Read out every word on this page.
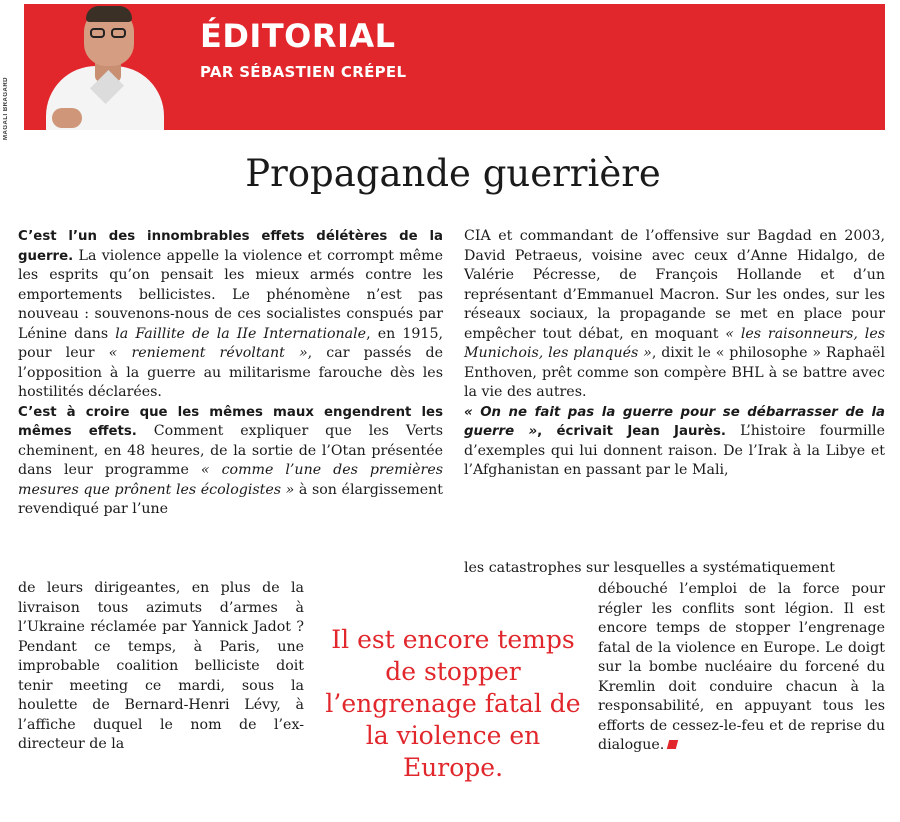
MAGALI BRAGARD
ÉDITORIAL
PAR SÉBASTIEN CRÉPEL
Propagande guerrière

C’est l’un des innombrables effets délétères de la guerre. La violence appelle la violence et corrompt même les esprits qu’on pensait les mieux armés contre les emportements bellicistes. Le phénomène n’est pas nouveau : souvenons-nous de ces socialistes conspués par Lénine dans la Faillite de la IIe Internationale, en 1915, pour leur « reniement révoltant », car passés de l’opposition à la guerre au militarisme farouche dès les hostilités déclarées.

C’est à croire que les mêmes maux engendrent les mêmes effets. Comment expliquer que les Verts cheminent, en 48 heures, de la sortie de l’Otan présentée dans leur programme « comme l’une des premières mesures que prônent les écologistes » à son élargissement revendiqué par l’une

de leurs dirigeantes, en plus de la livraison tous azimuts d’armes à l’Ukraine réclamée par Yannick Jadot ? Pendant ce temps, à Paris, une improbable coalition belliciste doit tenir meeting ce mardi, sous la houlette de Bernard-Henri Lévy, à l’affiche duquel le nom de l’ex-directeur de la

CIA et commandant de l’offensive sur Bagdad en 2003, David Petraeus, voisine avec ceux d’Anne Hidalgo, de Valérie Pécresse, de François Hollande et d’un représentant d’Emmanuel Macron. Sur les ondes, sur les réseaux sociaux, la propagande se met en place pour empêcher tout débat, en moquant « les raisonneurs, les Munichois, les planqués », dixit le « philosophe » Raphaël Enthoven, prêt comme son compère BHL à se battre avec la vie des autres.

« On ne fait pas la guerre pour se débarrasser de la guerre », écrivait Jean Jaurès. L’histoire fourmille d’exemples qui lui donnent raison. De l’Irak à la Libye et l’Afghanistan en passant par le Mali,

les catastrophes sur lesquelles a systématiquement

débouché l’emploi de la force pour régler les conflits sont légion. Il est encore temps de stopper l’engrenage fatal de la violence en Europe. Le doigt sur la bombe nucléaire du forcené du Kremlin doit conduire chacun à la responsabilité, en appuyant tous les efforts de cessez-le-feu et de reprise du dialogue.

Il est encore temps de stopper l’engrenage fatal de la violence en Europe.
